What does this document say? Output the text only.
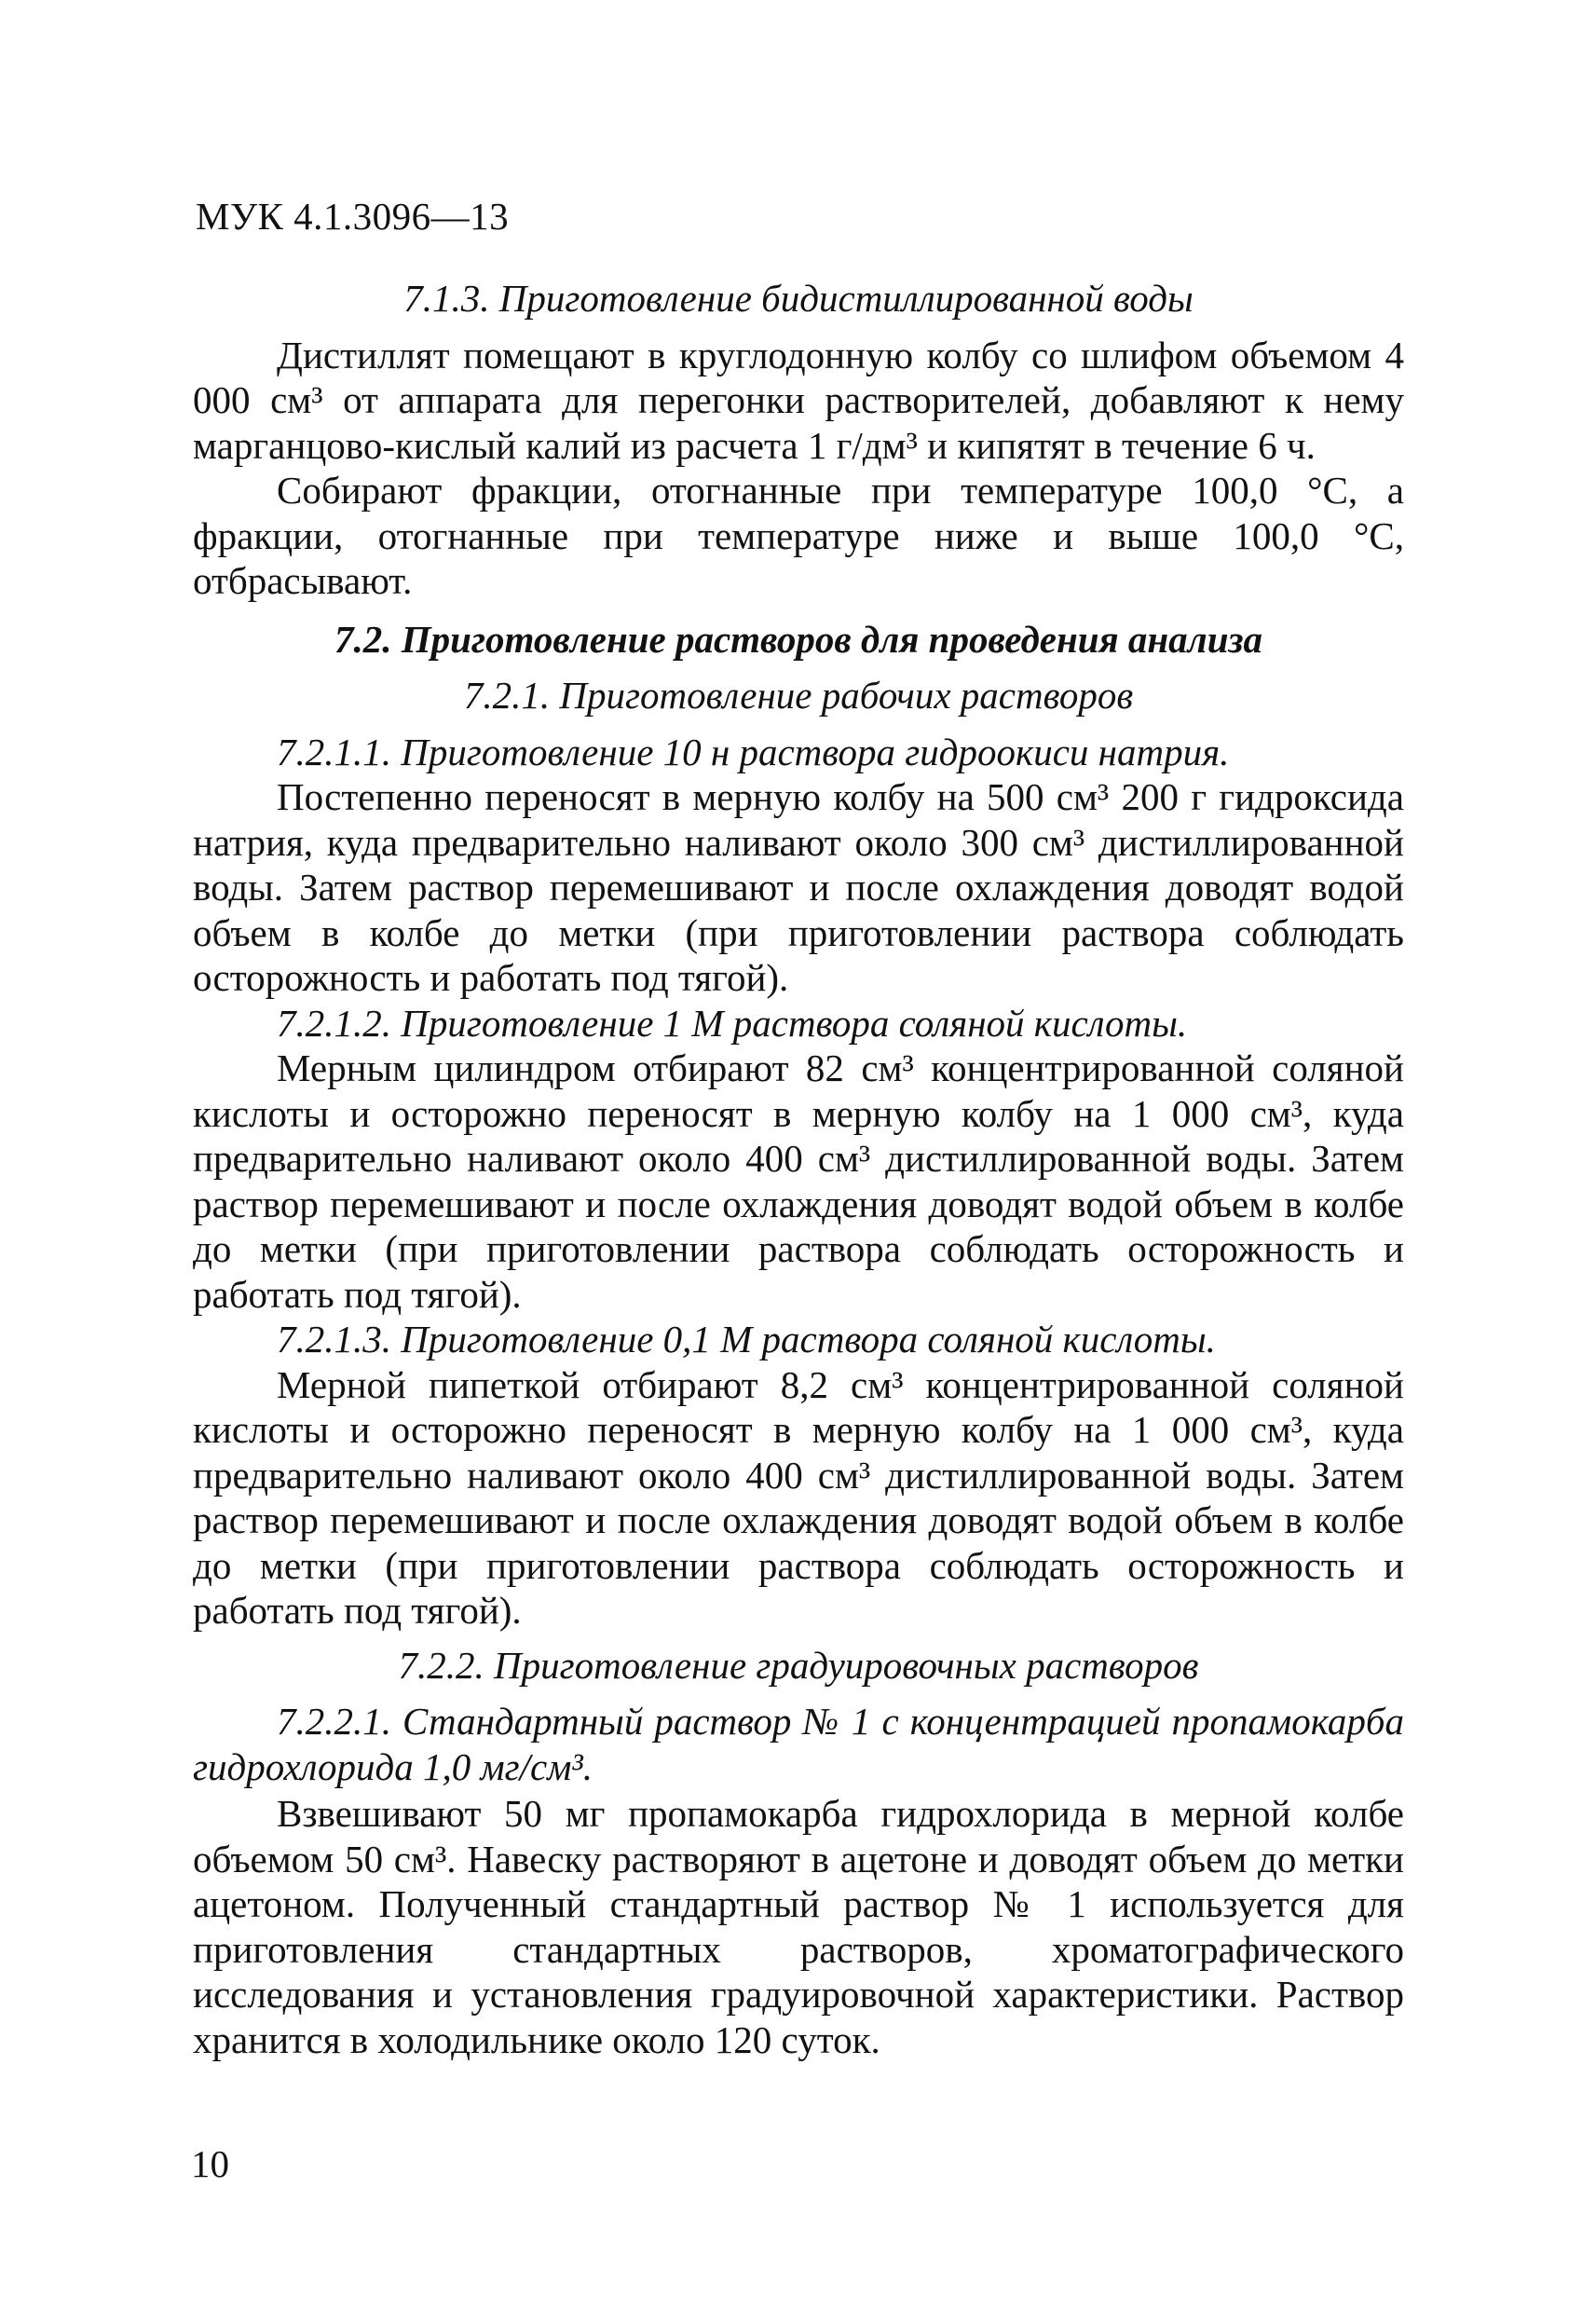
МУК 4.1.3096—13
7.1.3. Приготовление бидистиллированной воды

Дистиллят помещают в круглодонную колбу со шлифом объемом 4 000 см³ от аппарата для перегонки растворителей, добавляют к нему марганцово-кислый калий из расчета 1 г/дм³ и кипятят в течение 6 ч.

Собирают фракции, отогнанные при температуре 100,0 °С, а фракции, отогнанные при температуре ниже и выше 100,0 °С, отбрасывают.

7.2. Приготовление растворов для проведения анализа
7.2.1. Приготовление рабочих растворов
7.2.1.1. Приготовление 10 н раствора гидроокиси натрия.

Постепенно переносят в мерную колбу на 500 см³ 200 г гидроксида натрия, куда предварительно наливают около 300 см³ дистиллированной воды. Затем раствор перемешивают и после охлаждения доводят водой объем в колбе до метки (при приготовлении раствора соблюдать осторожность и работать под тягой).

7.2.1.2. Приготовление 1 М раствора соляной кислоты.

Мерным цилиндром отбирают 82 см³ концентрированной соляной кислоты и осторожно переносят в мерную колбу на 1 000 см³, куда предварительно наливают около 400 см³ дистиллированной воды. Затем раствор перемешивают и после охлаждения доводят водой объем в колбе до метки (при приготовлении раствора соблюдать осторожность и работать под тягой).

7.2.1.3. Приготовление 0,1 М раствора соляной кислоты.

Мерной пипеткой отбирают 8,2 см³ концентрированной соляной кислоты и осторожно переносят в мерную колбу на 1 000 см³, куда предварительно наливают около 400 см³ дистиллированной воды. Затем раствор перемешивают и после охлаждения доводят водой объем в колбе до метки (при приготовлении раствора соблюдать осторожность и работать под тягой).

7.2.2. Приготовление градуировочных растворов
7.2.2.1. Стандартный раствор № 1 с концентрацией пропамокарба гидрохлорида 1,0 мг/см³.

Взвешивают 50 мг пропамокарба гидрохлорида в мерной колбе объемом 50 см³. Навеску растворяют в ацетоне и доводят объем до метки ацетоном. Полученный стандартный раствор № 1 используется для приготовления стандартных растворов, хроматографического исследования и установления градуировочной характеристики. Раствор хранится в холодильнике около 120 суток.

10
